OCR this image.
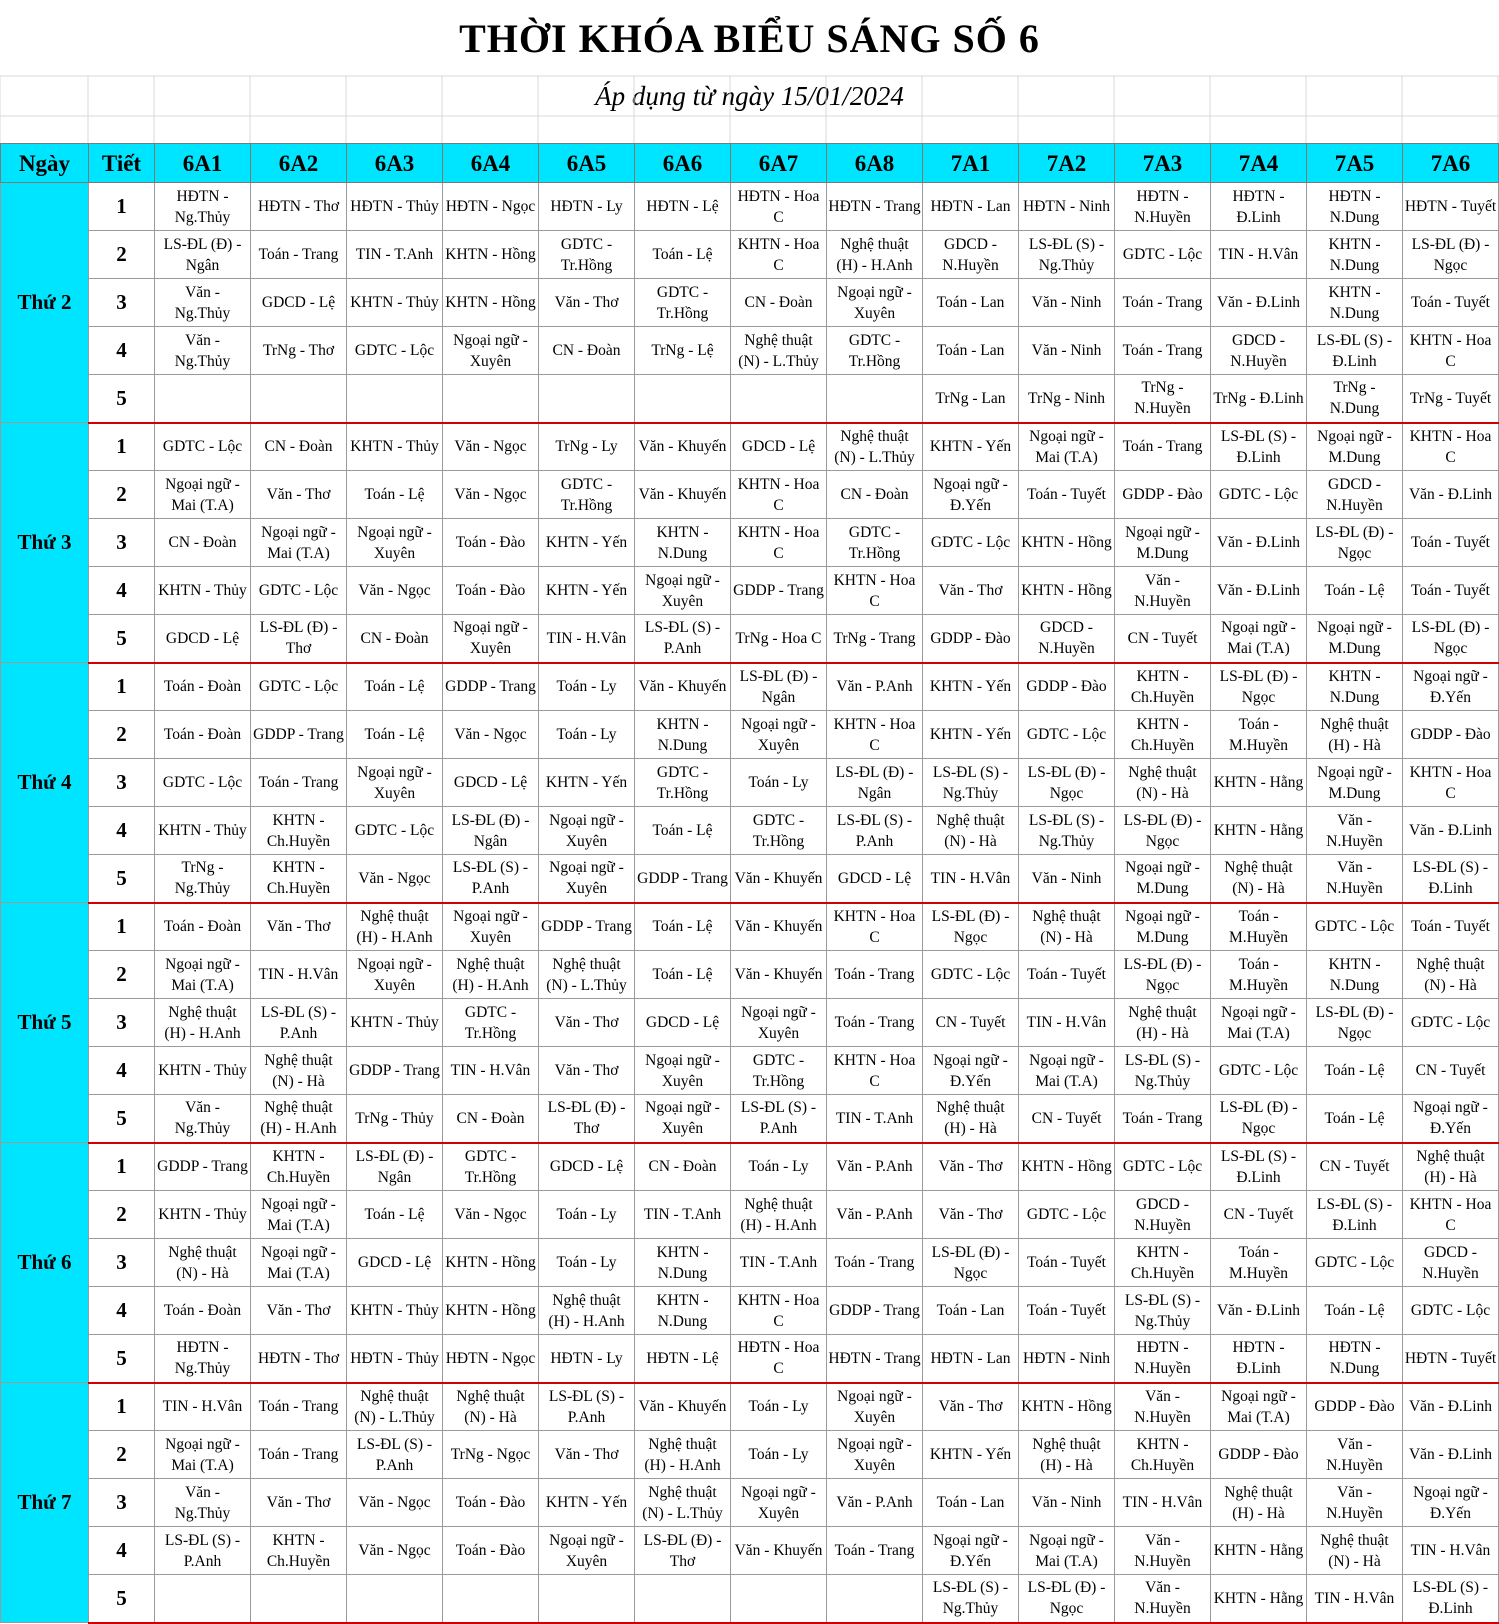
THỜI KHÓA BIỂU SÁNG SỐ 6
Áp dụng từ ngày 15/01/2024
Ngày	Tiết	6A1	6A2	6A3	6A4	6A5	6A6	6A7	6A8	7A1	7A2	7A3	7A4	7A5	7A6
Thứ 2	1	HĐTN - Ng.Thủy	HĐTN - Thơ	HĐTN - Thủy	HĐTN - Ngọc	HĐTN - Ly	HĐTN - Lệ	HĐTN - Hoa C	HĐTN - Trang	HĐTN - Lan	HĐTN - Ninh	HĐTN - N.Huyền	HĐTN - Đ.Linh	HĐTN - N.Dung	HĐTN - Tuyết
	2	LS-ĐL (Đ) - Ngân	Toán - Trang	TIN - T.Anh	KHTN - Hồng	GDTC - Tr.Hồng	Toán - Lệ	KHTN - Hoa C	Nghệ thuật (H) - H.Anh	GDCD - N.Huyền	LS-ĐL (S) - Ng.Thủy	GDTC - Lộc	TIN - H.Vân	KHTN - N.Dung	LS-ĐL (Đ) - Ngọc
	3	Văn - Ng.Thủy	GDCD - Lệ	KHTN - Thủy	KHTN - Hồng	Văn - Thơ	GDTC - Tr.Hồng	CN - Đoàn	Ngoại ngữ - Xuyên	Toán - Lan	Văn - Ninh	Toán - Trang	Văn - Đ.Linh	KHTN - N.Dung	Toán - Tuyết
	4	Văn - Ng.Thủy	TrNg - Thơ	GDTC - Lộc	Ngoại ngữ - Xuyên	CN - Đoàn	TrNg - Lệ	Nghệ thuật (N) - L.Thủy	GDTC - Tr.Hồng	Toán - Lan	Văn - Ninh	Toán - Trang	GDCD - N.Huyền	LS-ĐL (S) - Đ.Linh	KHTN - Hoa C
	5									TrNg - Lan	TrNg - Ninh	TrNg - N.Huyền	TrNg - Đ.Linh	TrNg - N.Dung	TrNg - Tuyết
Thứ 3	1	GDTC - Lộc	CN - Đoàn	KHTN - Thủy	Văn - Ngọc	TrNg - Ly	Văn - Khuyến	GDCD - Lệ	Nghệ thuật (N) - L.Thủy	KHTN - Yến	Ngoại ngữ - Mai (T.A)	Toán - Trang	LS-ĐL (S) - Đ.Linh	Ngoại ngữ - M.Dung	KHTN - Hoa C
	2	Ngoại ngữ - Mai (T.A)	Văn - Thơ	Toán - Lệ	Văn - Ngọc	GDTC - Tr.Hồng	Văn - Khuyến	KHTN - Hoa C	CN - Đoàn	Ngoại ngữ - Đ.Yến	Toán - Tuyết	GDDP - Đào	GDTC - Lộc	GDCD - N.Huyền	Văn - Đ.Linh
	3	CN - Đoàn	Ngoại ngữ - Mai (T.A)	Ngoại ngữ - Xuyên	Toán - Đào	KHTN - Yến	KHTN - N.Dung	KHTN - Hoa C	GDTC - Tr.Hồng	GDTC - Lộc	KHTN - Hồng	Ngoại ngữ - M.Dung	Văn - Đ.Linh	LS-ĐL (Đ) - Ngọc	Toán - Tuyết
	4	KHTN - Thủy	GDTC - Lộc	Văn - Ngọc	Toán - Đào	KHTN - Yến	Ngoại ngữ - Xuyên	GDDP - Trang	KHTN - Hoa C	Văn - Thơ	KHTN - Hồng	Văn - N.Huyền	Văn - Đ.Linh	Toán - Lệ	Toán - Tuyết
	5	GDCD - Lệ	LS-ĐL (Đ) - Thơ	CN - Đoàn	Ngoại ngữ - Xuyên	TIN - H.Vân	LS-ĐL (S) - P.Anh	TrNg - Hoa C	TrNg - Trang	GDDP - Đào	GDCD - N.Huyền	CN - Tuyết	Ngoại ngữ - Mai (T.A)	Ngoại ngữ - M.Dung	LS-ĐL (Đ) - Ngọc
Thứ 4	1	Toán - Đoàn	GDTC - Lộc	Toán - Lệ	GDDP - Trang	Toán - Ly	Văn - Khuyến	LS-ĐL (Đ) - Ngân	Văn - P.Anh	KHTN - Yến	GDDP - Đào	KHTN - Ch.Huyền	LS-ĐL (Đ) - Ngọc	KHTN - N.Dung	Ngoại ngữ - Đ.Yến
	2	Toán - Đoàn	GDDP - Trang	Toán - Lệ	Văn - Ngọc	Toán - Ly	KHTN - N.Dung	Ngoại ngữ - Xuyên	KHTN - Hoa C	KHTN - Yến	GDTC - Lộc	KHTN - Ch.Huyền	Toán - M.Huyền	Nghệ thuật (H) - Hà	GDDP - Đào
	3	GDTC - Lộc	Toán - Trang	Ngoại ngữ - Xuyên	GDCD - Lệ	KHTN - Yến	GDTC - Tr.Hồng	Toán - Ly	LS-ĐL (Đ) - Ngân	LS-ĐL (S) - Ng.Thủy	LS-ĐL (Đ) - Ngọc	Nghệ thuật (N) - Hà	KHTN - Hằng	Ngoại ngữ - M.Dung	KHTN - Hoa C
	4	KHTN - Thủy	KHTN - Ch.Huyền	GDTC - Lộc	LS-ĐL (Đ) - Ngân	Ngoại ngữ - Xuyên	Toán - Lệ	GDTC - Tr.Hồng	LS-ĐL (S) - P.Anh	Nghệ thuật (N) - Hà	LS-ĐL (S) - Ng.Thủy	LS-ĐL (Đ) - Ngọc	KHTN - Hằng	Văn - N.Huyền	Văn - Đ.Linh
	5	TrNg - Ng.Thủy	KHTN - Ch.Huyền	Văn - Ngọc	LS-ĐL (S) - P.Anh	Ngoại ngữ - Xuyên	GDDP - Trang	Văn - Khuyến	GDCD - Lệ	TIN - H.Vân	Văn - Ninh	Ngoại ngữ - M.Dung	Nghệ thuật (N) - Hà	Văn - N.Huyền	LS-ĐL (S) - Đ.Linh
Thứ 5	1	Toán - Đoàn	Văn - Thơ	Nghệ thuật (H) - H.Anh	Ngoại ngữ - Xuyên	GDDP - Trang	Toán - Lệ	Văn - Khuyến	KHTN - Hoa C	LS-ĐL (Đ) - Ngọc	Nghệ thuật (N) - Hà	Ngoại ngữ - M.Dung	Toán - M.Huyền	GDTC - Lộc	Toán - Tuyết
	2	Ngoại ngữ - Mai (T.A)	TIN - H.Vân	Ngoại ngữ - Xuyên	Nghệ thuật (H) - H.Anh	Nghệ thuật (N) - L.Thủy	Toán - Lệ	Văn - Khuyến	Toán - Trang	GDTC - Lộc	Toán - Tuyết	LS-ĐL (Đ) - Ngọc	Toán - M.Huyền	KHTN - N.Dung	Nghệ thuật (N) - Hà
	3	Nghệ thuật (H) - H.Anh	LS-ĐL (S) - P.Anh	KHTN - Thủy	GDTC - Tr.Hồng	Văn - Thơ	GDCD - Lệ	Ngoại ngữ - Xuyên	Toán - Trang	CN - Tuyết	TIN - H.Vân	Nghệ thuật (H) - Hà	Ngoại ngữ - Mai (T.A)	LS-ĐL (Đ) - Ngọc	GDTC - Lộc
	4	KHTN - Thủy	Nghệ thuật (N) - Hà	GDDP - Trang	TIN - H.Vân	Văn - Thơ	Ngoại ngữ - Xuyên	GDTC - Tr.Hồng	KHTN - Hoa C	Ngoại ngữ - Đ.Yến	Ngoại ngữ - Mai (T.A)	LS-ĐL (S) - Ng.Thủy	GDTC - Lộc	Toán - Lệ	CN - Tuyết
	5	Văn - Ng.Thủy	Nghệ thuật (H) - H.Anh	TrNg - Thủy	CN - Đoàn	LS-ĐL (Đ) - Thơ	Ngoại ngữ - Xuyên	LS-ĐL (S) - P.Anh	TIN - T.Anh	Nghệ thuật (H) - Hà	CN - Tuyết	Toán - Trang	LS-ĐL (Đ) - Ngọc	Toán - Lệ	Ngoại ngữ - Đ.Yến
Thứ 6	1	GDDP - Trang	KHTN - Ch.Huyền	LS-ĐL (Đ) - Ngân	GDTC - Tr.Hồng	GDCD - Lệ	CN - Đoàn	Toán - Ly	Văn - P.Anh	Văn - Thơ	KHTN - Hồng	GDTC - Lộc	LS-ĐL (S) - Đ.Linh	CN - Tuyết	Nghệ thuật (H) - Hà
	2	KHTN - Thủy	Ngoại ngữ - Mai (T.A)	Toán - Lệ	Văn - Ngọc	Toán - Ly	TIN - T.Anh	Nghệ thuật (H) - H.Anh	Văn - P.Anh	Văn - Thơ	GDTC - Lộc	GDCD - N.Huyền	CN - Tuyết	LS-ĐL (S) - Đ.Linh	KHTN - Hoa C
	3	Nghệ thuật (N) - Hà	Ngoại ngữ - Mai (T.A)	GDCD - Lệ	KHTN - Hồng	Toán - Ly	KHTN - N.Dung	TIN - T.Anh	Toán - Trang	LS-ĐL (Đ) - Ngọc	Toán - Tuyết	KHTN - Ch.Huyền	Toán - M.Huyền	GDTC - Lộc	GDCD - N.Huyền
	4	Toán - Đoàn	Văn - Thơ	KHTN - Thủy	KHTN - Hồng	Nghệ thuật (H) - H.Anh	KHTN - N.Dung	KHTN - Hoa C	GDDP - Trang	Toán - Lan	Toán - Tuyết	LS-ĐL (S) - Ng.Thủy	Văn - Đ.Linh	Toán - Lệ	GDTC - Lộc
	5	HĐTN - Ng.Thủy	HĐTN - Thơ	HĐTN - Thủy	HĐTN - Ngọc	HĐTN - Ly	HĐTN - Lệ	HĐTN - Hoa C	HĐTN - Trang	HĐTN - Lan	HĐTN - Ninh	HĐTN - N.Huyền	HĐTN - Đ.Linh	HĐTN - N.Dung	HĐTN - Tuyết
Thứ 7	1	TIN - H.Vân	Toán - Trang	Nghệ thuật (N) - L.Thủy	Nghệ thuật (N) - Hà	LS-ĐL (S) - P.Anh	Văn - Khuyến	Toán - Ly	Ngoại ngữ - Xuyên	Văn - Thơ	KHTN - Hồng	Văn - N.Huyền	Ngoại ngữ - Mai (T.A)	GDDP - Đào	Văn - Đ.Linh
	2	Ngoại ngữ - Mai (T.A)	Toán - Trang	LS-ĐL (S) - P.Anh	TrNg - Ngọc	Văn - Thơ	Nghệ thuật (H) - H.Anh	Toán - Ly	Ngoại ngữ - Xuyên	KHTN - Yến	Nghệ thuật (H) - Hà	KHTN - Ch.Huyền	GDDP - Đào	Văn - N.Huyền	Văn - Đ.Linh
	3	Văn - Ng.Thủy	Văn - Thơ	Văn - Ngọc	Toán - Đào	KHTN - Yến	Nghệ thuật (N) - L.Thủy	Ngoại ngữ - Xuyên	Văn - P.Anh	Toán - Lan	Văn - Ninh	TIN - H.Vân	Nghệ thuật (H) - Hà	Văn - N.Huyền	Ngoại ngữ - Đ.Yến
	4	LS-ĐL (S) - P.Anh	KHTN - Ch.Huyền	Văn - Ngọc	Toán - Đào	Ngoại ngữ - Xuyên	LS-ĐL (Đ) - Thơ	Văn - Khuyến	Toán - Trang	Ngoại ngữ - Đ.Yến	Ngoại ngữ - Mai (T.A)	Văn - N.Huyền	KHTN - Hằng	Nghệ thuật (N) - Hà	TIN - H.Vân
	5									LS-ĐL (S) - Ng.Thủy	LS-ĐL (Đ) - Ngọc	Văn - N.Huyền	KHTN - Hằng	TIN - H.Vân	LS-ĐL (S) - Đ.Linh
